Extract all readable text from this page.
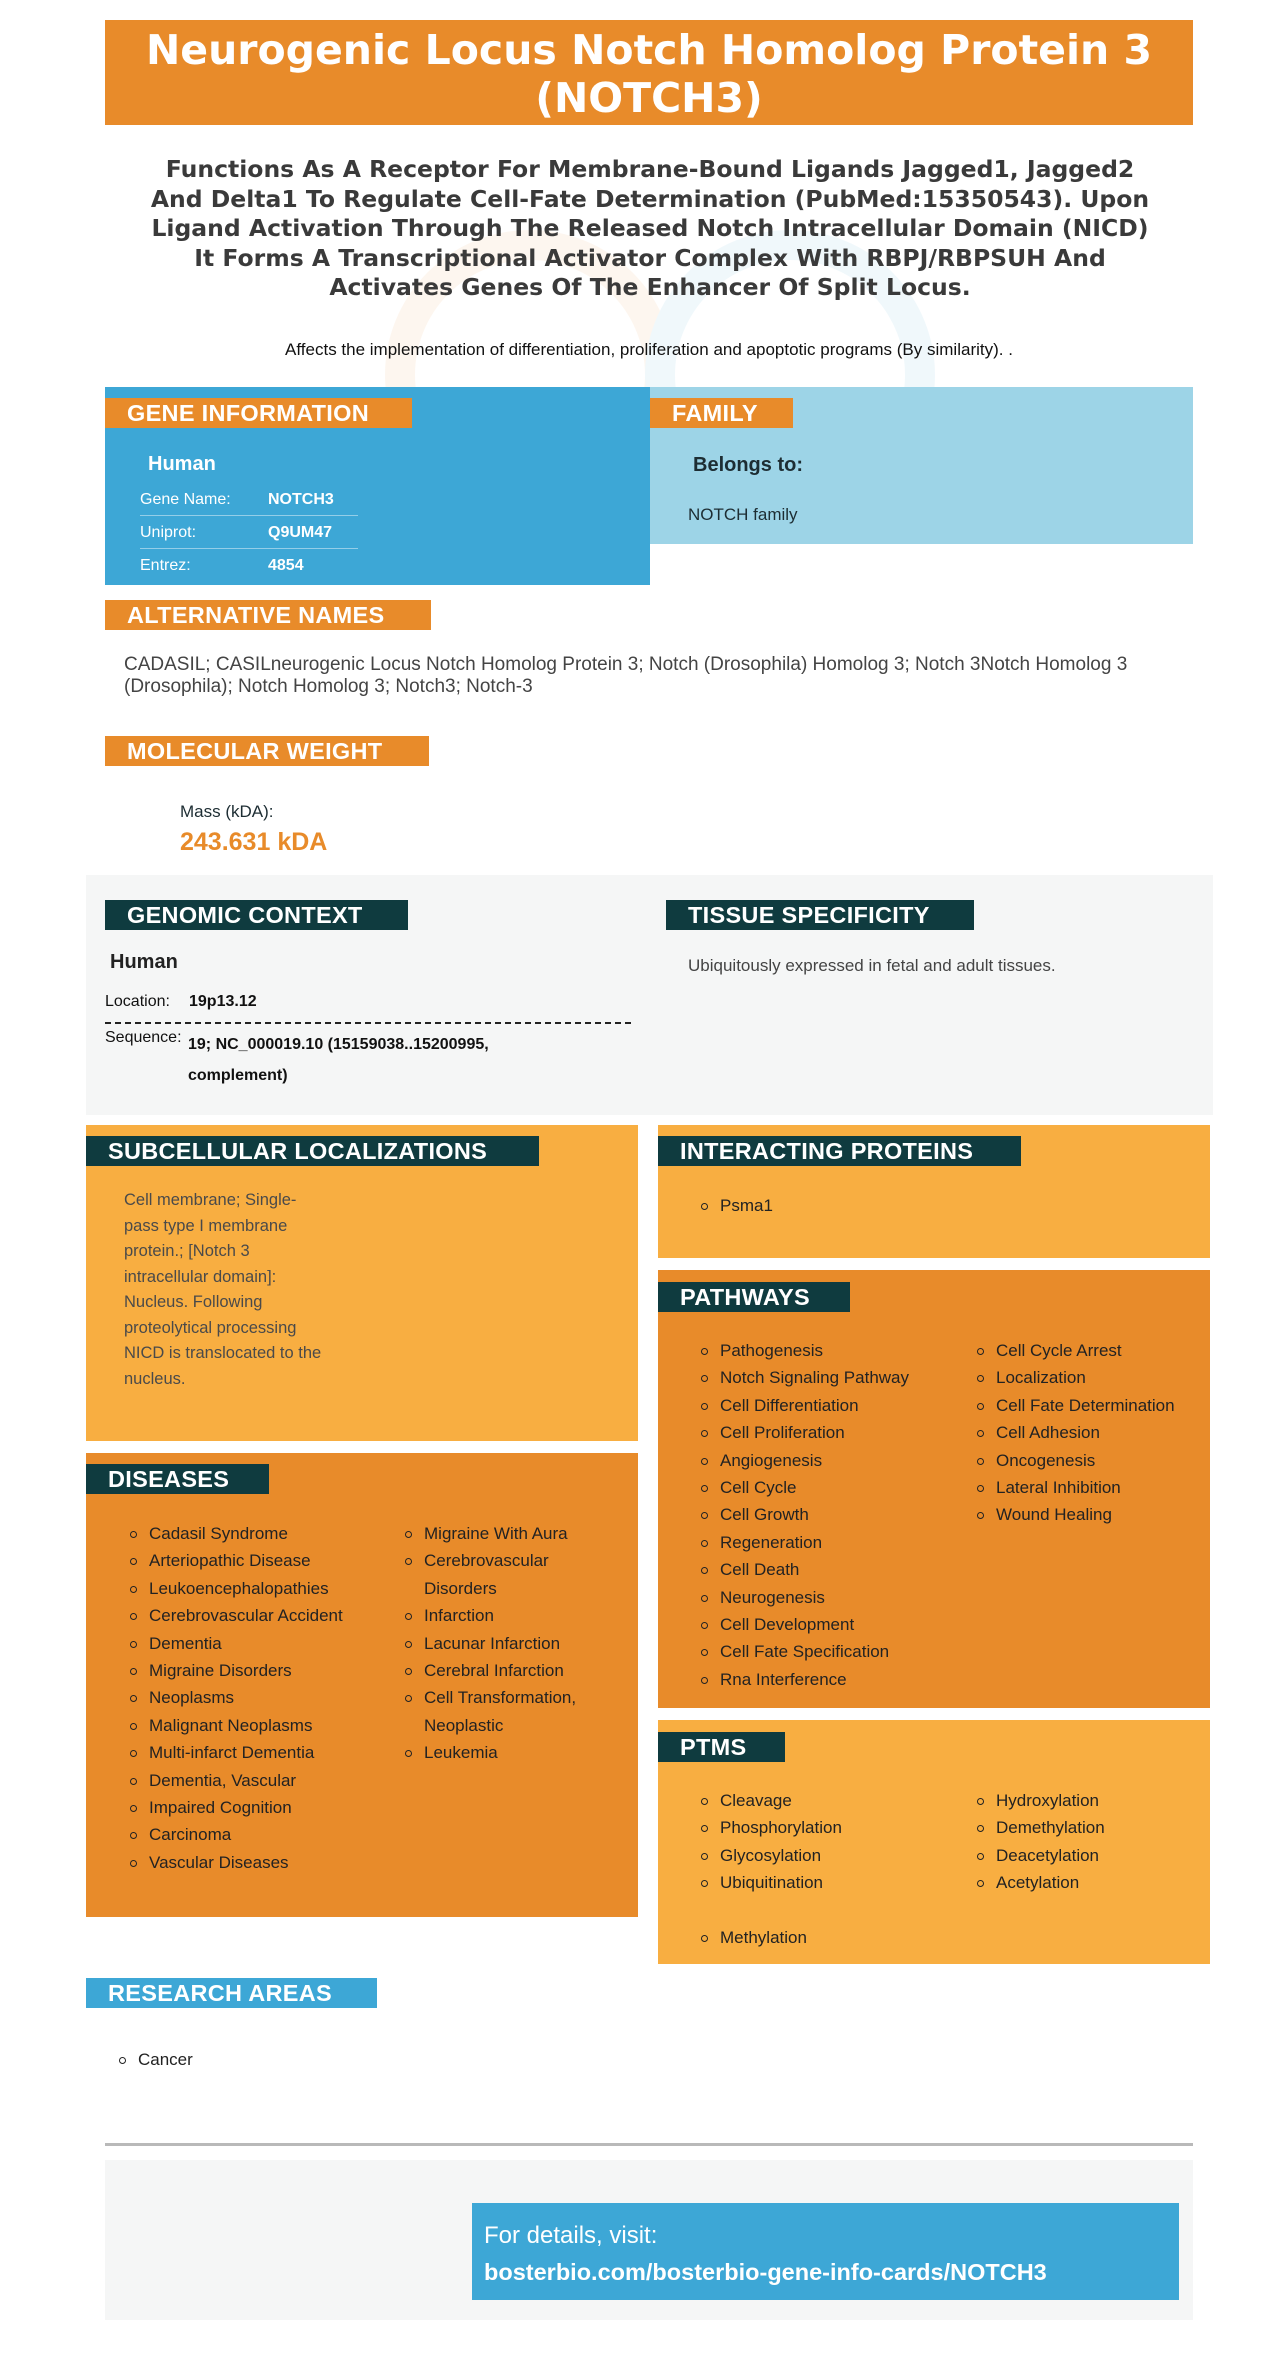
Neurogenic Locus Notch Homolog Protein 3
(NOTCH3)
Functions As A Receptor For Membrane-Bound Ligands Jagged1, Jagged2 And Delta1 To Regulate Cell-Fate Determination (PubMed:15350543). Upon Ligand Activation Through The Released Notch Intracellular Domain (NICD) It Forms A Transcriptional Activator Complex With RBPJ/RBPSUH And Activates Genes Of The Enhancer Of Split Locus.
Affects the implementation of differentiation, proliferation and apoptotic programs (By similarity). .
GENE INFORMATION
Human
Gene Name:	NOTCH3
Uniprot:	Q9UM47
Entrez:	4854
FAMILY
Belongs to:
NOTCH family
ALTERNATIVE NAMES
CADASIL; CASILneurogenic Locus Notch Homolog Protein 3; Notch (Drosophila) Homolog 3; Notch 3Notch Homolog 3 (Drosophila); Notch Homolog 3; Notch3; Notch-3
MOLECULAR WEIGHT
Mass (kDA):
243.631 kDA
GENOMIC CONTEXT
Human
Location: 19p13.12
Sequence: 19; NC_000019.10 (15159038..15200995, complement)
TISSUE SPECIFICITY
Ubiquitously expressed in fetal and adult tissues.
SUBCELLULAR LOCALIZATIONS
Cell membrane; Single-pass type I membrane protein.; [Notch 3 intracellular domain]: Nucleus. Following proteolytical processing NICD is translocated to the nucleus.
INTERACTING PROTEINS
Psma1
PATHWAYS
Pathogenesis
Notch Signaling Pathway
Cell Differentiation
Cell Proliferation
Angiogenesis
Cell Cycle
Cell Growth
Regeneration
Cell Death
Neurogenesis
Cell Development
Cell Fate Specification
Rna Interference
Cell Cycle Arrest
Localization
Cell Fate Determination
Cell Adhesion
Oncogenesis
Lateral Inhibition
Wound Healing
DISEASES
Cadasil Syndrome
Arteriopathic Disease
Leukoencephalopathies
Cerebrovascular Accident
Dementia
Migraine Disorders
Neoplasms
Malignant Neoplasms
Multi-infarct Dementia
Dementia, Vascular
Impaired Cognition
Carcinoma
Vascular Diseases
Migraine With Aura
Cerebrovascular Disorders
Infarction
Lacunar Infarction
Cerebral Infarction
Cell Transformation, Neoplastic
Leukemia	PTMS
Cleavage
Phosphorylation
Glycosylation
Ubiquitination
Hydroxylation
Demethylation
Deacetylation
Acetylation
Methylation
RESEARCH AREAS
Cancer
For details, visit:
bosterbio.com/bosterbio-gene-info-cards/NOTCH3
